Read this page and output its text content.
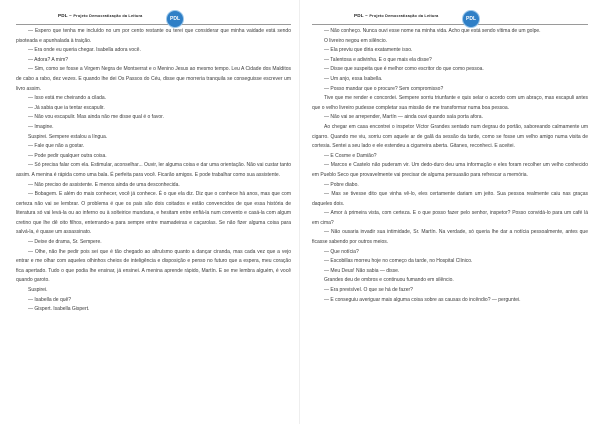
PDL – Projeto Democratização da Leitura	PDL

— Espero que tenha me incluído no um por cento restante ou terei que considerar que minha vaidade está sendo pisoteada e apunhalada à traição.

— Era onde eu queria chegar. Isabella adora você.

— Adora? A mim?

— Sim, como se fosse a Virgem Negra de Montserrat e o Menino Jesus ao mesmo tempo. Leu A Cidade dos Malditos de cabo a rabo, dez vezes. E quando lhe dei Os Passos do Céu, disse que morreria tranquila se conseguisse escrever um livro assim.

— Isso está me cheirando a cilada.

— Já sabia que ia tentar escapulir.

— Não vou escapulir. Mas ainda não me disse qual é o favor.

— Imagine.

Suspirei. Sempere estalou a língua.

— Fale que não a gostar.

— Pode pedir qualquer outra coisa.

— Só precisa falar com ela. Estimular, aconselhar... Ouvir, ler alguma coisa e dar uma orientação. Não vai custar tanto assim. A menina é rápida como uma bala. É perfeita para você. Ficarão amigos. E pode trabalhar como sua assistente.

— Não preciso de assistente. E menos ainda de uma desconhecida.

— Bobagem. E além do mais conhecer, você já conhece. É o que ela diz. Diz que o conhece há anos, mas que com certeza não vai se lembrar. O problema é que os pais são dois coitados e estão convencidos de que essa história de literatura só vai levá-la ou ao inferno ou à solteirice mundana, e hesitam entre enfiá-la num convento e casá-la com algum cretino que lhe dê oito filhos, enterrando-a para sempre entre mamadeiras e caçarolas. Se não fizer alguma coisa para salvá-la, é quase um assassinato.

— Deixe de drama, Sr. Sempere.

— Olhe, não lhe pedir pois sei que é tão chegado ao altruísmo quanto a dançar ciranda, mas cada vez que a vejo entrar e me olhar com aqueles olhinhos cheios de inteligência e disposição e penso no futuro que a espera, meu coração fica apertado. Tudo o que podia lhe ensinar, já ensinei. A menina aprende rápido, Martín. E se me lembra alguém, é você quando garoto.

Suspirei.

— Isabella de quê?

— Gispert. Isabella Gispert.

PDL – Projeto Democratização da Leitura	PDL

— Não conheço. Nunca ouvi esse nome na minha vida. Acho que está sendo vítima de um golpe.

O livreiro negou em silêncio.

— Ela previu que diria exatamente isso.

— Talentosa e adivinha. E o que mais ela disse?

— Disse que suspeita que é melhor como escritor do que como pessoa.

— Um anjo, essa Isabella.

— Posso mandar que o procure? Sem compromisso?

Tive que me render e concordei. Sempere sorriu triunfante e quis selar o acordo com um abraço, mas escapuli antes que o velho livreiro pudesse completar sua missão de me transformar numa boa pessoa.

— Não vai se arrepender, Martín — ainda ouvi quando saía porta afora.

Ao chegar em casa encontrei o inspetor Víctor Grandes sentado num degrau do portão, saboreando calmamente um cigarro. Quando me viu, sorriu com aquele ar de galã da sessão da tarde, como se fosse um velho amigo numa visita de cortesia. Sentei a seu lado e ele estendeu a cigarreira aberta. Gitanes, reconheci. E aceitei.

— E Cosme e Damião?

— Marcos e Castelo não puderam vir. Um dedo-duro deu uma informação e eles foram recolher um velho conhecido em Pueblo Seco que provavelmente vai precisar de alguma persuasão para refrescar a memória.

— Pobre diabo.

— Mas se tivesse dito que vinha vê-lo, eles certamente dariam um jeito. Sua pessoa realmente caiu nas graças daqueles dois.

— Amor à primeira vista, com certeza. E o que posso fazer pelo senhor, inspetor? Posso convidá-lo para um café lá em cima?

— Não ousaria invadir sua intimidade, Sr. Martín. Na verdade, só queria lhe dar a notícia pessoalmente, antes que ficasse sabendo por outros meios.

— Que notícia?

— Escobillas morreu hoje no começo da tarde, no Hospital Clínico.

— Meu Deus! Não sabia — disse.

Grandes deu de ombros e continuou fumando em silêncio.

— Era previsível. O que se há de fazer?

— E conseguiu averiguar mais alguma coisa sobre as causas do incêndio? — perguntei.
